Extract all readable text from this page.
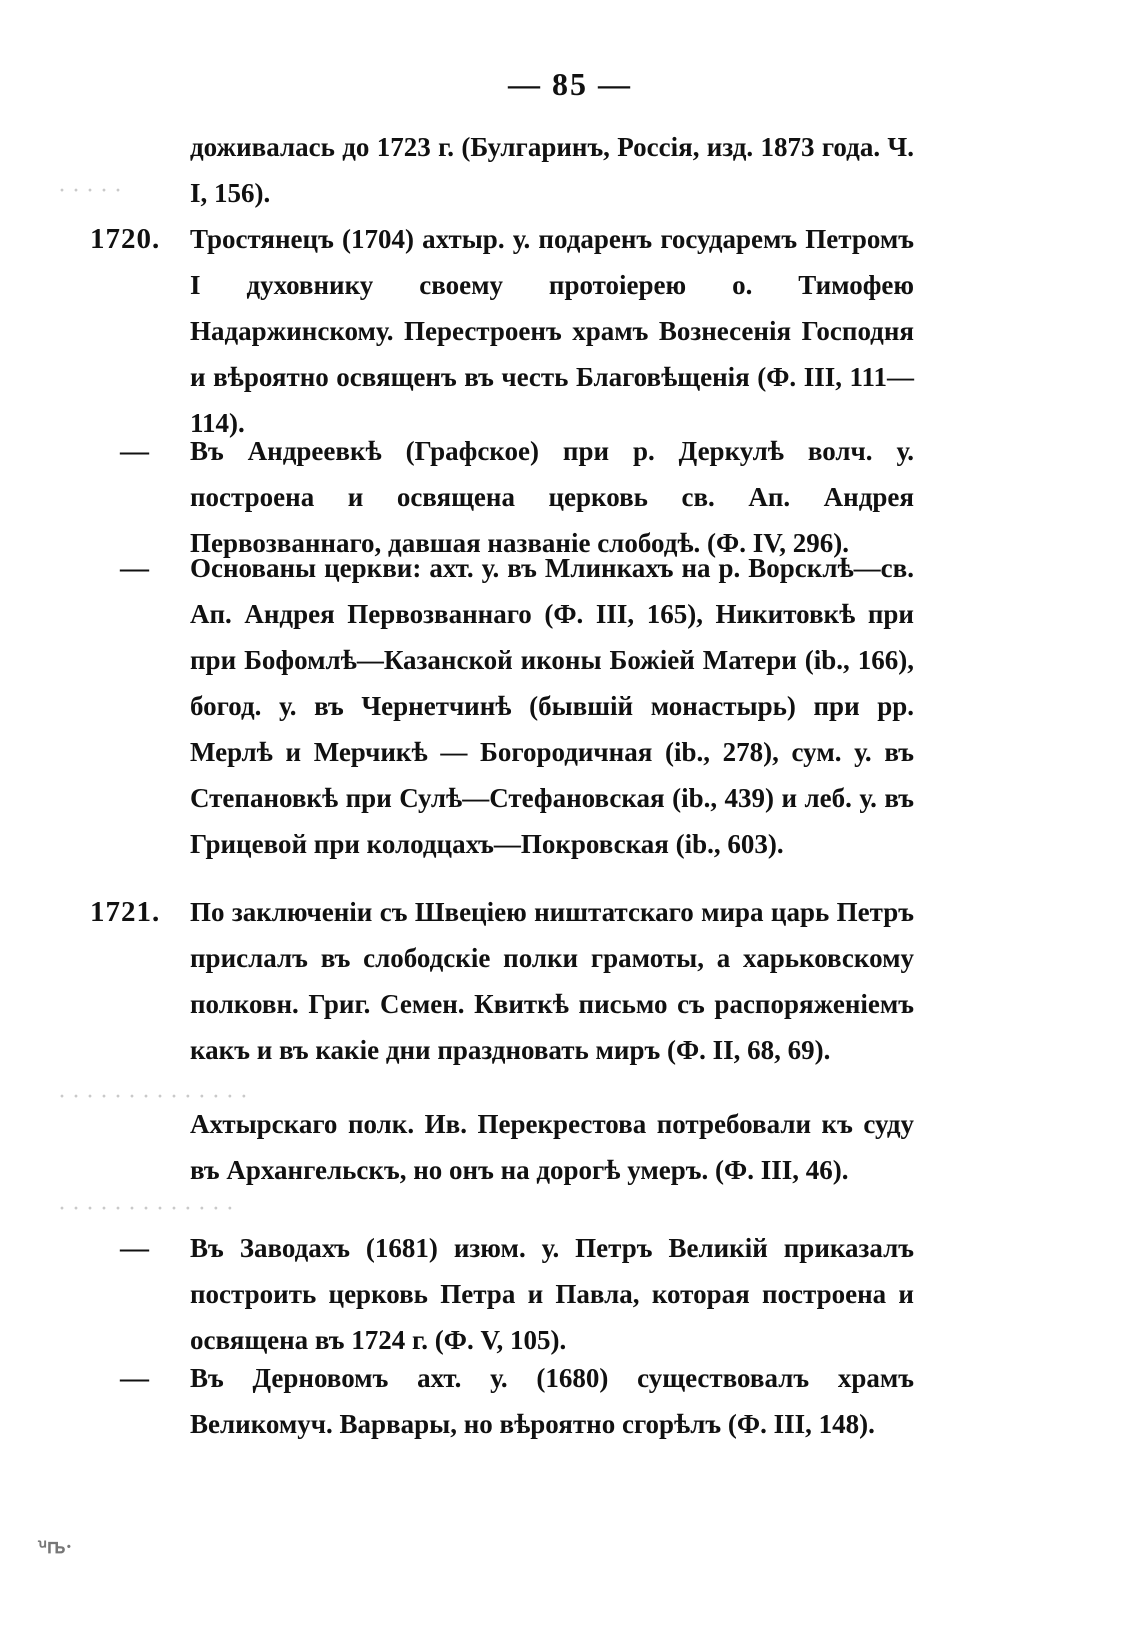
— 85 —
· · · · ·
· · · · · · · · · · · · · ·
· · · · · · · · · · · · ·
доживалась до 1723 г. (Булгаринъ, Россія, изд. 1873 года. Ч. I, 156).
1720.	Тростянецъ (1704) ахтыр. у. подаренъ государемъ Петромъ I духовнику своему протоіерею о. Тимофею Надаржинскому. Перестроенъ храмъ Вознесенія Господня и вѣроятно освященъ въ честь Благовѣщенія (Ф. III, 111—114).
—	Въ Андреевкѣ (Графское) при р. Деркулѣ волч. у. построена и освящена церковь св. Ап. Андрея Первозваннаго, давшая названіе слободѣ. (Ф. IV, 296).
—	Основаны церкви: ахт. у. въ Млинкахъ на р. Ворсклѣ—св. Ап. Андрея Первозваннаго (Ф. III, 165), Никитовкѣ при при Бофомлѣ—Казанской иконы Божіей Матери (ib., 166), богод. у. въ Чернетчинѣ (бывшій монастырь) при рр. Мерлѣ и Мерчикѣ — Богородичная (ib., 278), сум. у. въ Степановкѣ при Сулѣ—Стефановская (ib., 439) и леб. у. въ Грицевой при колодцахъ—Покровская (ib., 603).
1721.	По заключеніи съ Швеціею ништатскаго мира царь Петръ прислалъ въ слободскіе полки грамоты, а харьковскому полковн. Григ. Семен. Квиткѣ письмо съ распоряженіемъ какъ и въ какіе дни праздновать миръ (Ф. II, 68, 69).
Ахтырскаго полк. Ив. Перекрестова потребовали къ суду въ Архангельскъ, но онъ на дорогѣ умеръ. (Ф. III, 46).
—	Въ Заводахъ (1681) изюм. у. Петръ Великій приказалъ построить церковь Петра и Павла, которая построена и освящена въ 1724 г. (Ф. V, 105).
—	Въ Дерновомъ ахт. у. (1680) существовалъ храмъ Великомуч. Варвары, но вѣроятно сгорѣлъ (Ф. III, 148).
ꭟꭠ·
